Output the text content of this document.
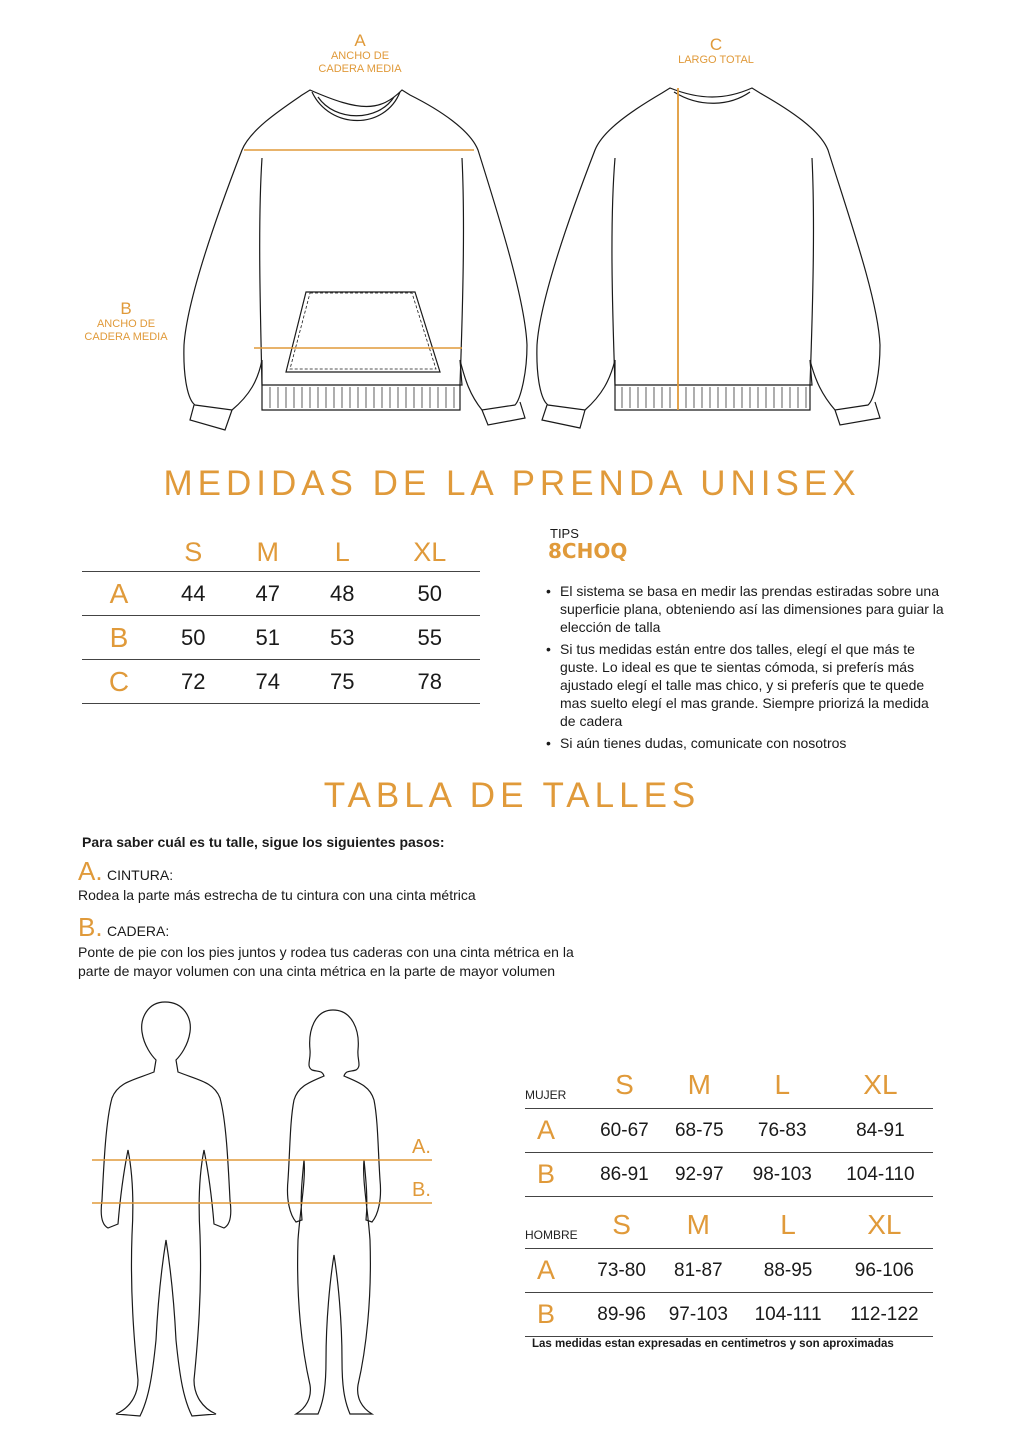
A
ANCHO DE
CADERA MEDIA
C
LARGO TOTAL
B
ANCHO DE
CADERA MEDIA
MEDIDAS DE LA PRENDA UNISEX
	S	M	L	XL
A	44	47	48	50
B	50	51	53	55
C	72	74	75	78
TIPS
8CHOQ
• El sistema se basa en medir las prendas estiradas sobre una superficie plana, obteniendo así las dimensiones para guiar la elección de talla
• Si tus medidas están entre dos talles, elegí el que más te guste. Lo ideal es que te sientas cómoda, si preferís más ajustado elegí el talle mas chico, y si preferís que te quede mas suelto elegí el mas grande. Siempre priorizá la medida de cadera
• Si aún tienes dudas, comunicate con nosotros
TABLA DE TALLES
Para saber cuál es tu talle, sigue los siguientes pasos:
A. CINTURA:
Rodea la parte más estrecha de tu cintura con una cinta métrica
B. CADERA:
Ponte de pie con los pies juntos y rodea tus caderas con una cinta métrica en la
parte de mayor volumen con una cinta métrica en la parte de mayor volumen
A.
B.
MUJER	S	M	L	XL
A	60-67	68-75	76-83	84-91
B	86-91	92-97	98-103	104-110
HOMBRE	S	M	L	XL
A	73-80	81-87	88-95	96-106
B	89-96	97-103	104-111	112-122
Las medidas estan expresadas en centimetros y son aproximadas
